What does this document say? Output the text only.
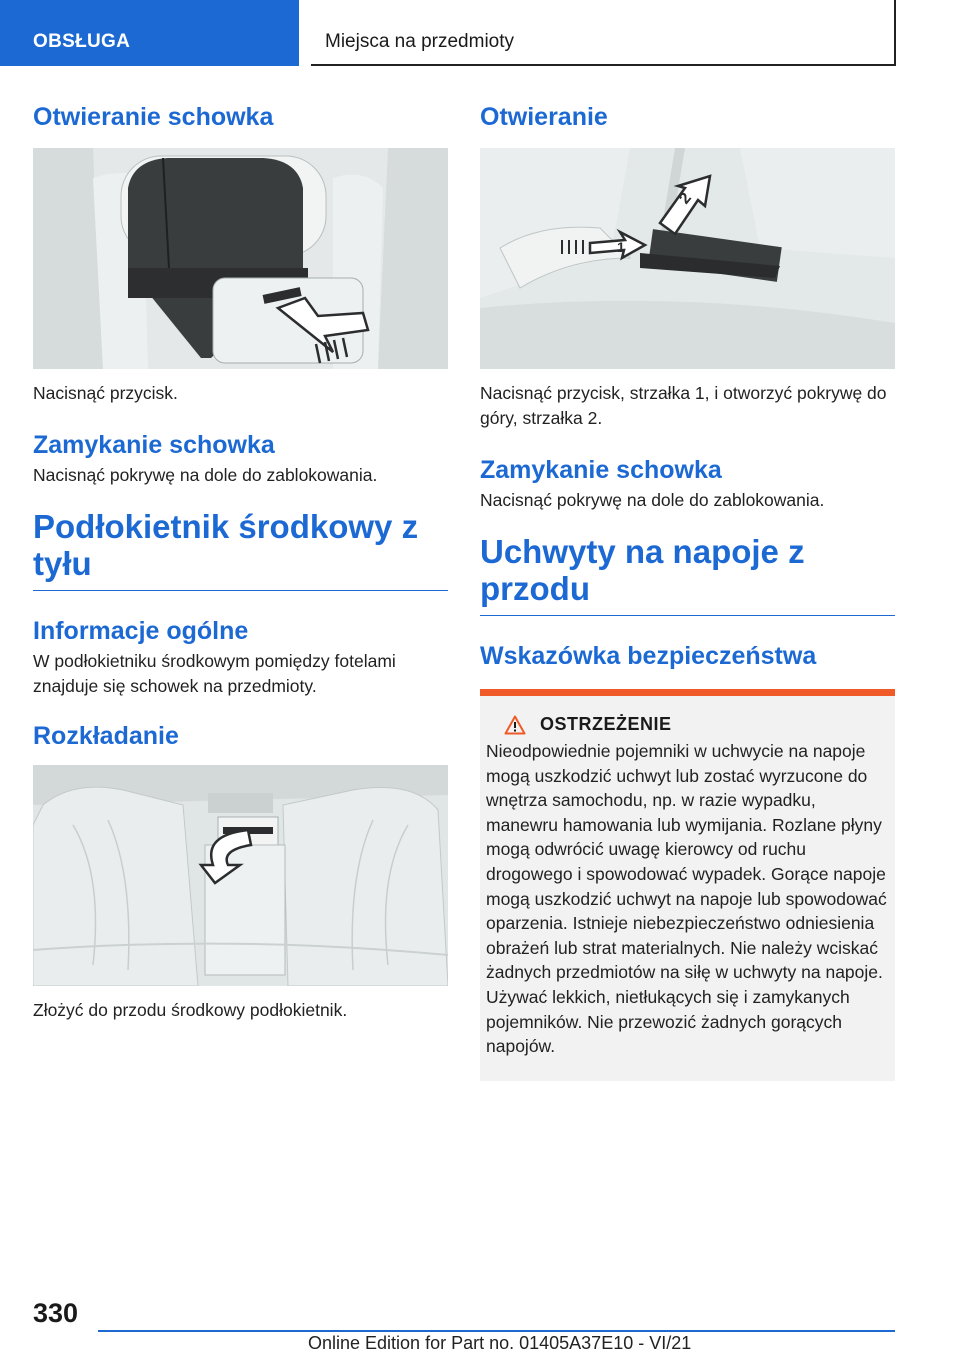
OBSŁUGA	Miejsca na przedmioty
Otwieranie schowka

Nacisnąć przycisk.

Zamykanie schowka

Nacisnąć pokrywę na dole do zablokowania.

Podłokietnik środkowy z tyłu
Informacje ogólne

W podłokietniku środkowym pomiędzy fotelami znajduje się schowek na przedmioty.

Rozkładanie

Złożyć do przodu środkowy podłokietnik.

Otwieranie
2
1

Nacisnąć przycisk, strzałka 1, i otworzyć pokrywę do góry, strzałka 2.

Zamykanie schowka

Nacisnąć pokrywę na dole do zablokowania.

Uchwyty na napoje z przodu
Wskazówka bezpieczeństwa
OSTRZEŻENIE

Nieodpowiednie pojemniki w uchwycie na napoje mogą uszkodzić uchwyt lub zostać wyrzucone do wnętrza samochodu, np. w razie wypadku, manewru hamowania lub wymijania. Rozlane płyny mogą odwrócić uwagę kierowcy od ruchu drogowego i spowodować wypadek. Gorące napoje mogą uszkodzić uchwyt na napoje lub spowodować oparzenia. Istnieje niebezpieczeństwo odniesienia obrażeń lub strat materialnych. Nie należy wciskać żadnych przedmiotów na siłę w uchwyty na napoje. Używać lekkich, nietłukących się i zamykanych pojemników. Nie przewozić żadnych gorących napojów.

330
Online Edition for Part no. 01405A37E10 - VI/21
